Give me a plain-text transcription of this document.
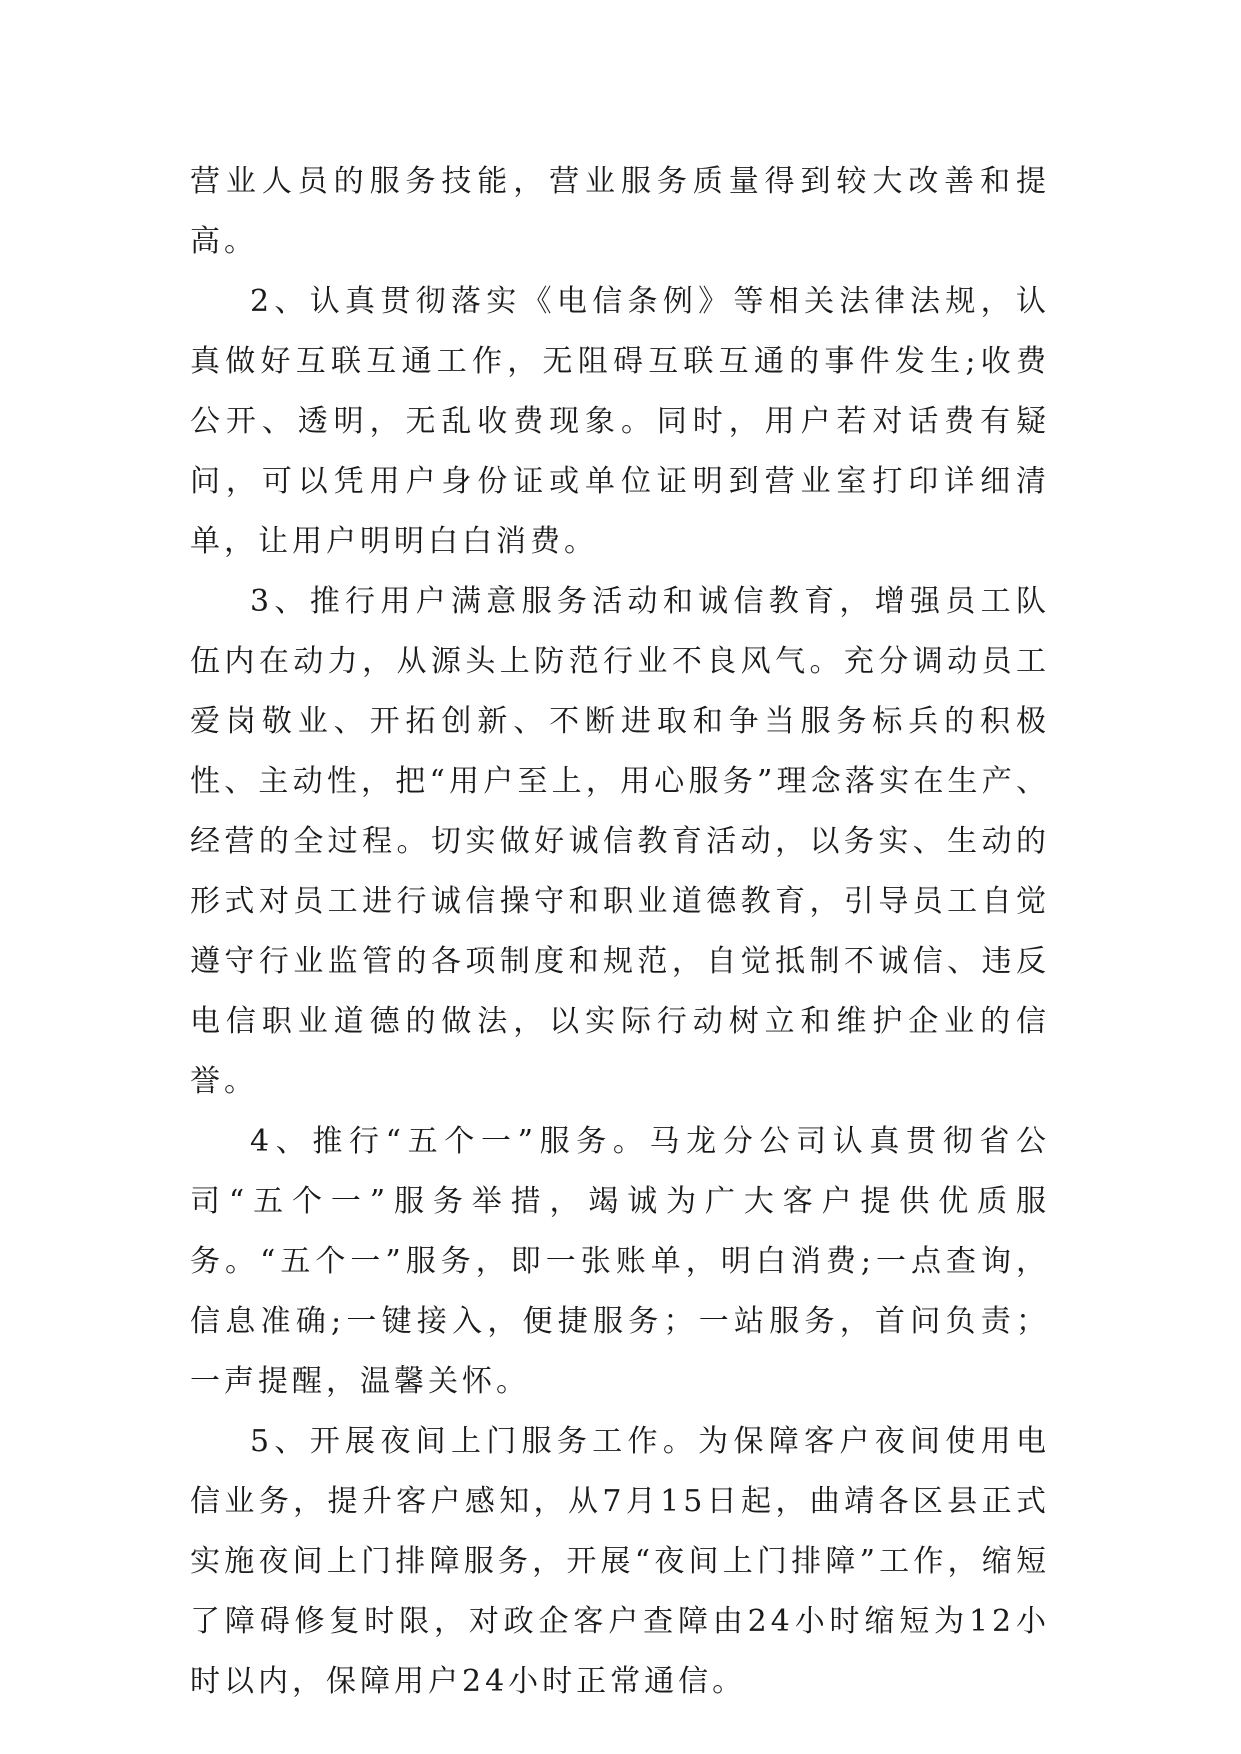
营业人员的服务技能，营业服务质量得到较大改善和提高。

2、认真贯彻落实《电信条例》等相关法律法规，认真做好互联互通工作，无阻碍互联互通的事件发生;收费公开、透明，无乱收费现象。同时，用户若对话费有疑问，可以凭用户身份证或单位证明到营业室打印详细清单，让用户明明白白消费。

3、推行用户满意服务活动和诚信教育，增强员工队伍内在动力，从源头上防范行业不良风气。充分调动员工爱岗敬业、开拓创新、不断进取和争当服务标兵的积极性、主动性，把“用户至上，用心服务”理念落实在生产、经营的全过程。切实做好诚信教育活动，以务实、生动的形式对员工进行诚信操守和职业道德教育，引导员工自觉遵守行业监管的各项制度和规范，自觉抵制不诚信、违反电信职业道德的做法，以实际行动树立和维护企业的信誉。

4、推行“五个一”服务。马龙分公司认真贯彻省公司“五个一”服务举措，竭诚为广大客户提供优质服务。“五个一”服务，即一张账单，明白消费;一点查询，信息准确;一键接入，便捷服务；一站服务，首问负责；一声提醒，温馨关怀。

5、开展夜间上门服务工作。为保障客户夜间使用电信业务，提升客户感知，从7月15日起，曲靖各区县正式实施夜间上门排障服务，开展“夜间上门排障”工作，缩短了障碍修复时限，对政企客户查障由24小时缩短为12小时以内，保障用户24小时正常通信。
